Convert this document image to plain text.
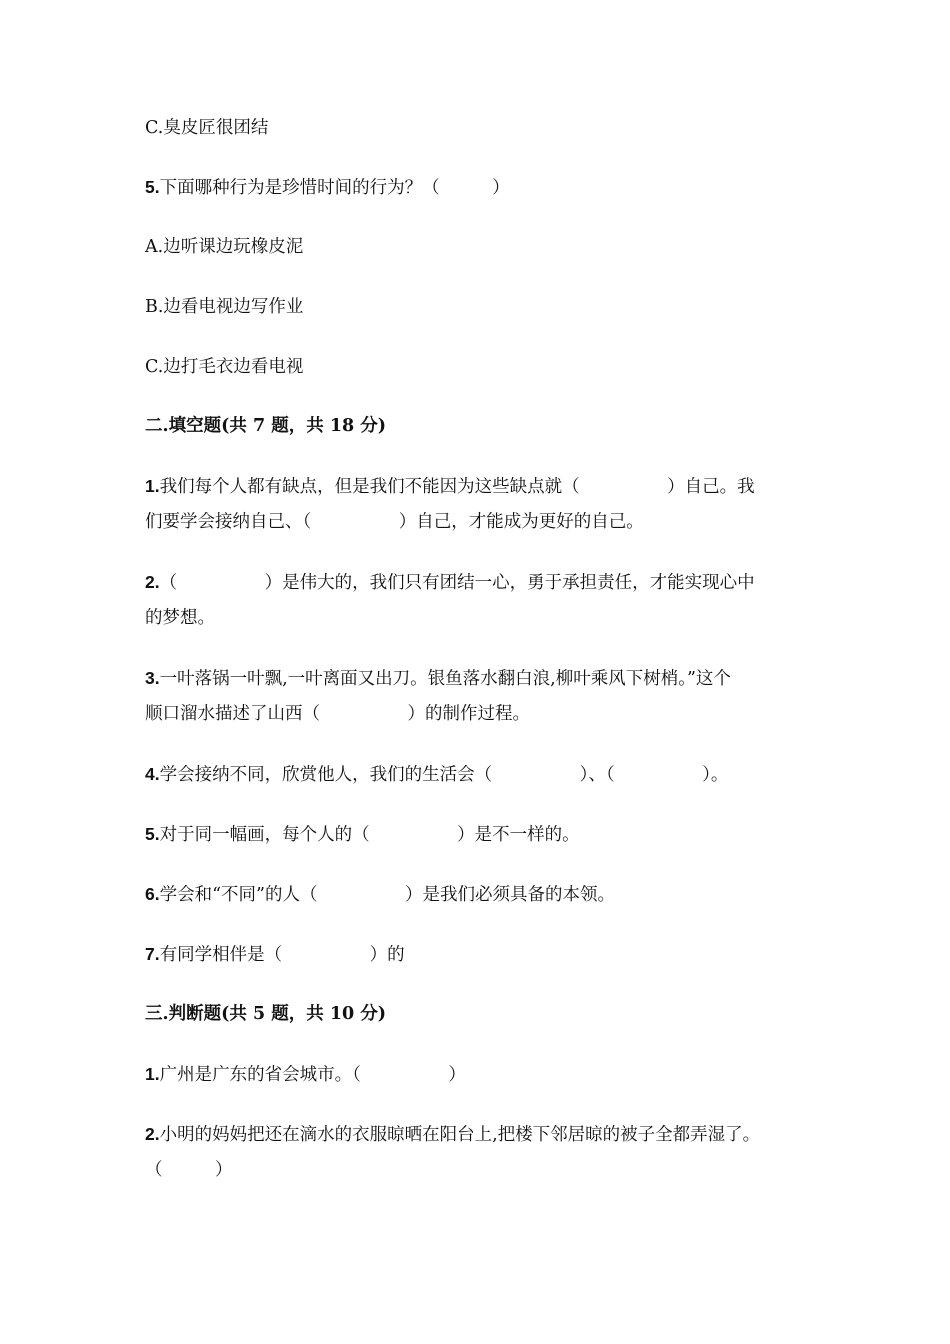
C.臭皮匠很团结
5.下面哪种行为是珍惜时间的行为？（　　　）
A.边听课边玩橡皮泥
B.边看电视边写作业
C.边打毛衣边看电视
二.填空题(共 7 题，共 18 分)
1.我们每个人都有缺点，但是我们不能因为这些缺点就（　　　　　）自己。我
们要学会接纳自己、（　　　　　）自己，才能成为更好的自己。
2.（　　　　　）是伟大的，我们只有团结一心，勇于承担责任，才能实现心中
的梦想。
3.一叶落锅一叶飘,一叶离面又出刀。银鱼落水翻白浪,柳叶乘风下树梢。”这个
顺口溜水描述了山西（　　　　　）的制作过程。
4.学会接纳不同，欣赏他人，我们的生活会（　　　　　）、（　　　　　）。
5.对于同一幅画，每个人的（　　　　　）是不一样的。
6.学会和“不同”的人（　　　　　）是我们必须具备的本领。
7.有同学相伴是（　　　　　）的
三.判断题(共 5 题，共 10 分)
1.广州是广东的省会城市。（　　　　　）
2.小明的妈妈把还在滴水的衣服晾晒在阳台上,把楼下邻居晾的被子全都弄湿了。
（　　　）
